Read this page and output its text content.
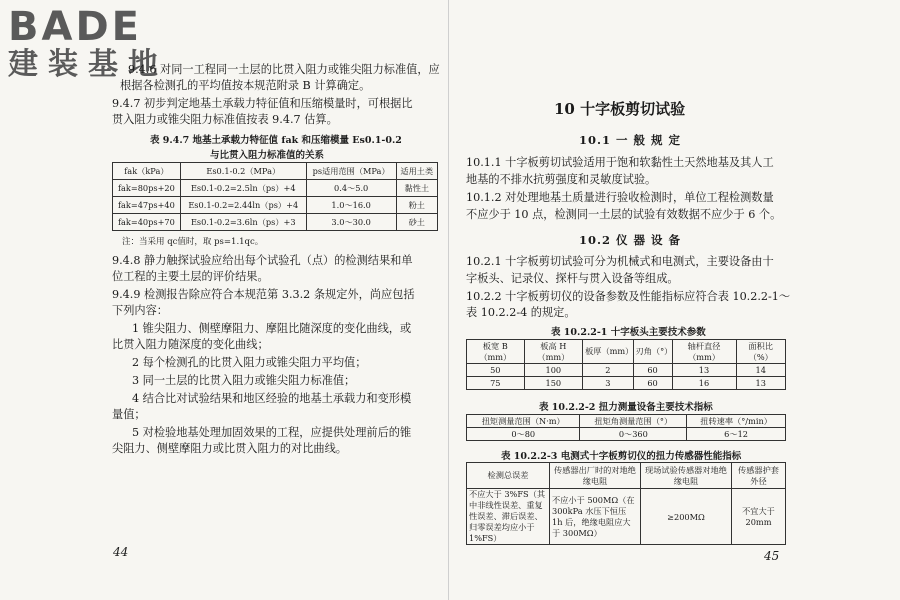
BADE
建装基地
9.4.6 对同一工程同一土层的比贯入阻力或锥尖阻力标准值，应
根据各检测孔的平均值按本规范附录 B 计算确定。
9.4.7 初步判定地基土承载力特征值和压缩模量时，可根据比
贯入阻力或锥尖阻力标准值按表 9.4.7 估算。
表 9.4.7 地基土承载力特征值 fak 和压缩模量 Es0.1-0.2
与比贯入阻力标准值的关系
fak（kPa）	Es0.1-0.2（MPa）	ps适用范围（MPa）	适用土类
fak=80ps+20	Es0.1-0.2=2.5ln（ps）+4	0.4～5.0	黏性土
fak=47ps+40	Es0.1-0.2=2.44ln（ps）+4	1.0～16.0	粉土
fak=40ps+70	Es0.1-0.2=3.6ln（ps）+3	3.0～30.0	砂土
注：当采用 qc值时，取 ps=1.1qc。
9.4.8 静力触探试验应给出每个试验孔（点）的检测结果和单
位工程的主要土层的评价结果。
9.4.9 检测报告除应符合本规范第 3.3.2 条规定外，尚应包括
下列内容：
1 锥尖阻力、侧壁摩阻力、摩阻比随深度的变化曲线，或
比贯入阻力随深度的变化曲线；
2 每个检测孔的比贯入阻力或锥尖阻力平均值；
3 同一土层的比贯入阻力或锥尖阻力标准值；
4 结合比对试验结果和地区经验的地基土承载力和变形模
量值；
5 对检验地基处理加固效果的工程，应提供处理前后的锥
尖阻力、侧壁摩阻力或比贯入阻力的对比曲线。
44
10 十字板剪切试验
10.1 一 般 规 定
10.1.1 十字板剪切试验适用于饱和软黏性土天然地基及其人工
地基的不排水抗剪强度和灵敏度试验。
10.1.2 对处理地基土质量进行验收检测时，单位工程检测数量
不应少于 10 点，检测同一土层的试验有效数据不应少于 6 个。
10.2 仪 器 设 备
10.2.1 十字板剪切试验可分为机械式和电测式，主要设备由十
字板头、记录仪、探杆与贯入设备等组成。
10.2.2 十字板剪切仪的设备参数及性能指标应符合表 10.2.2-1～
表 10.2.2-4 的规定。
表 10.2.2-1 十字板头主要技术参数
板宽 B（mm）	板高 H（mm）	板厚（mm）	刃角（°）	轴杆直径（mm）	面积比（%）
50	100	2	60	13	14
75	150	3	60	16	13
表 10.2.2-2 扭力测量设备主要技术指标
扭矩测量范围（N·m）	扭矩角测量范围（°）	扭转速率（°/min）
0～80	0～360	6～12
表 10.2.2-3 电测式十字板剪切仪的扭力传感器性能指标
检测总误差	传感器出厂时的对地绝缘电阻	现场试验传感器对地绝缘电阻	传感器护套外径
不应大于 3%FS（其中非线性误差、重复性误差、滞后误差、归零误差均应小于 1%FS）	不应小于 500MΩ（在 300kPa 水压下恒压 1h 后，绝缘电阻应大于 300MΩ）	≥200MΩ	不宜大于 20mm
45
